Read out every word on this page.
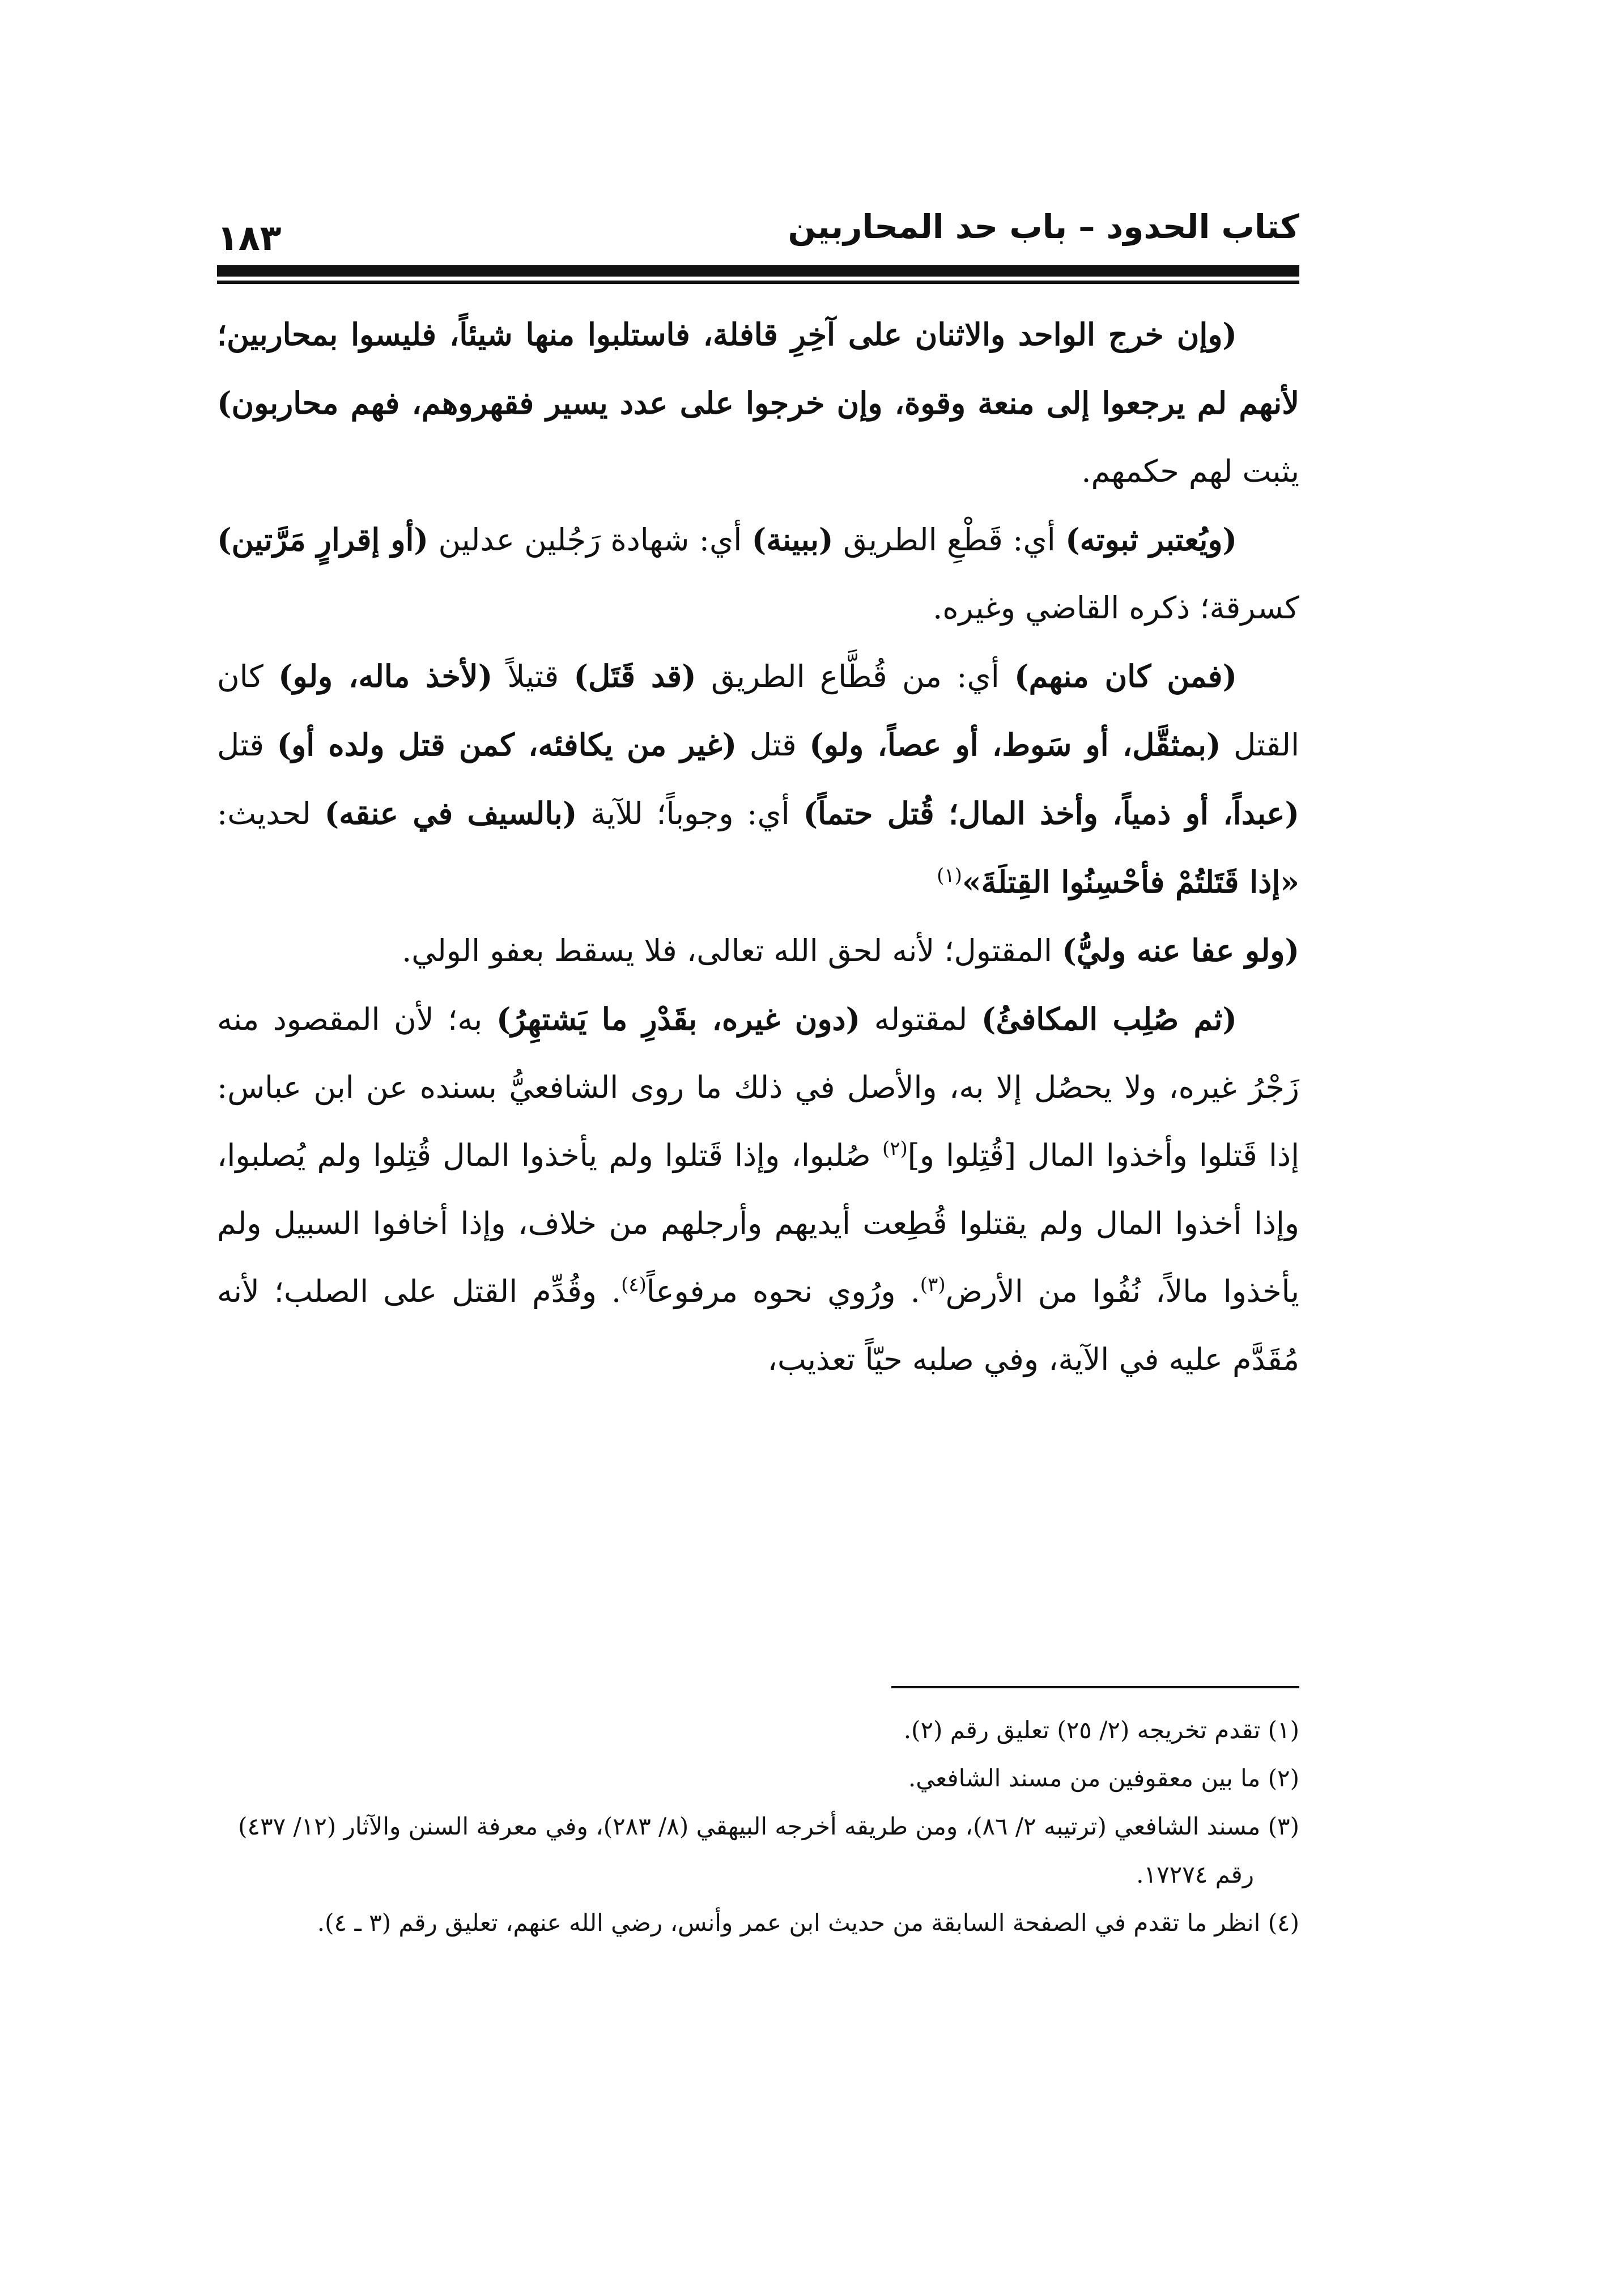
كتاب الحدود – باب حد المحاربين
١٨٣

(وإن خرج الواحد والاثنان على آخِرِ قافلة، فاستلبوا منها شيئاً، فليسوا بمحاربين؛ لأنهم لم يرجعوا إلى منعة وقوة، وإن خرجوا على عدد يسير فقهروهم، فهم محاربون) يثبت لهم حكمهم.

(ويُعتبر ثبوته) أي: قَطْعِ الطريق (ببينة) أي: شهادة رَجُلين عدلين (أو إقرارٍ مَرَّتين) كسرقة؛ ذكره القاضي وغيره.

(فمن كان منهم) أي: من قُطَّاع الطريق (قد قَتَل) قتيلاً (لأخذ ماله، ولو) كان القتل (بمثقَّل، أو سَوط، أو عصاً، ولو) قتل (غير من يكافئه، كمن قتل ولده أو) قتل (عبداً، أو ذمياً، وأخذ المال؛ قُتل حتماً) أي: وجوباً؛ للآية (بالسيف في عنقه) لحديث: «إذا قَتَلتُمْ فأحْسِنُوا القِتلَةَ»$^{(١)}$
(ولو عفا عنه وليُّ) المقتول؛ لأنه لحق الله تعالى، فلا يسقط بعفو الولي.

(ثم صُلِب المكافئُ) لمقتوله (دون غيره، بقَدْرِ ما يَشتهِرُ) به؛ لأن المقصود منه زَجْرُ غيره، ولا يحصُل إلا به، والأصل في ذلك ما روى الشافعيُّ بسنده عن ابن عباس: إذا قَتلوا وأخذوا المال [قُتِلوا و]$^{(٢)}$ صُلبوا، وإذا قَتلوا ولم يأخذوا المال قُتِلوا ولم يُصلبوا، وإذا أخذوا المال ولم يقتلوا قُطِعت أيديهم وأرجلهم من خلاف، وإذا أخافوا السبيل ولم يأخذوا مالاً، نُفُوا من الأرض$^{(٣)}$. ورُوي نحوه مرفوعاً$^{(٤)}$. وقُدِّم القتل على الصلب؛ لأنه مُقَدَّم عليه في الآية، وفي صلبه حيّاً تعذيب،

(١) تقدم تخريجه (٢/ ٢٥) تعليق رقم (٢).

(٢) ما بين معقوفين من مسند الشافعي.

(٣) مسند الشافعي (ترتيبه ٢/ ٨٦)، ومن طريقه أخرجه البيهقي (٨/ ٢٨٣)، وفي معرفة السنن والآثار (١٢/ ٤٣٧) رقم ١٧٢٧٤.

(٤) انظر ما تقدم في الصفحة السابقة من حديث ابن عمر وأنس، رضي الله عنهم، تعليق رقم (٣ ـ ٤).
